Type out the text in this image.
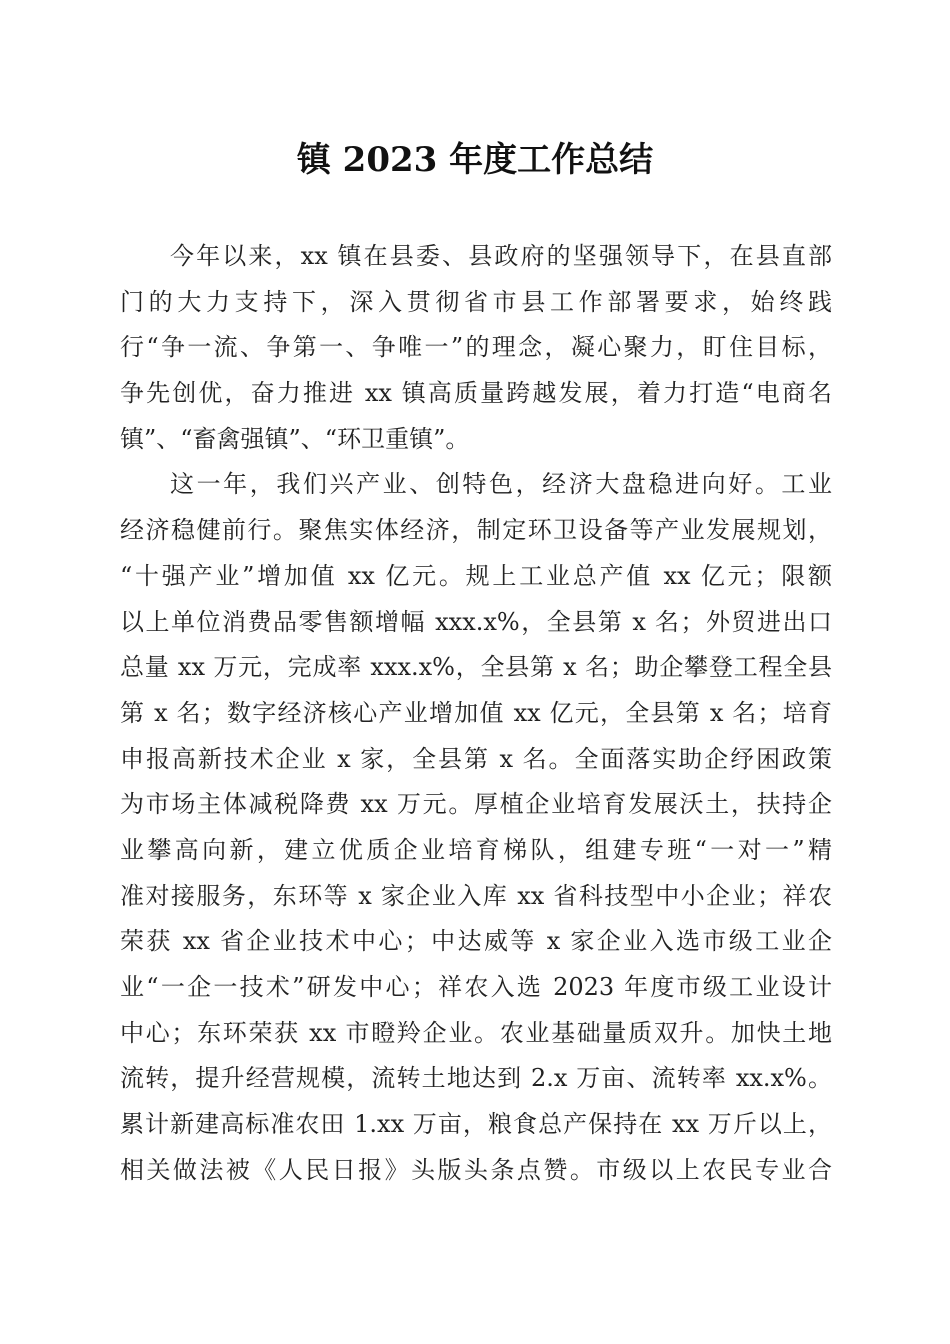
镇 2023 年度工作总结
今年以来，xx 镇在县委、县政府的坚强领导下，在县直部
门的大力支持下，深入贯彻省市县工作部署要求，始终践
行“争一流、争第一、争唯一”的理念，凝心聚力，盯住目标，
争先创优，奋力推进 xx 镇高质量跨越发展，着力打造“电商名
镇”、“畜禽强镇”、“环卫重镇”。
这一年，我们兴产业、创特色，经济大盘稳进向好。工业
经济稳健前行。聚焦实体经济，制定环卫设备等产业发展规划，
“十强产业”增加值 xx 亿元。规上工业总产值 xx 亿元；限额
以上单位消费品零售额增幅 xxx.x%，全县第 x 名；外贸进出口
总量 xx 万元，完成率 xxx.x%，全县第 x 名；助企攀登工程全县
第 x 名；数字经济核心产业增加值 xx 亿元，全县第 x 名；培育
申报高新技术企业 x 家，全县第 x 名。全面落实助企纾困政策
为市场主体减税降费 xx 万元。厚植企业培育发展沃土，扶持企
业攀高向新，建立优质企业培育梯队，组建专班“一对一”精
准对接服务，东环等 x 家企业入库 xx 省科技型中小企业；祥农
荣获 xx 省企业技术中心；中达威等 x 家企业入选市级工业企
业“一企一技术”研发中心；祥农入选 2023 年度市级工业设计
中心；东环荣获 xx 市瞪羚企业。农业基础量质双升。加快土地
流转，提升经营规模，流转土地达到 2.x 万亩、流转率 xx.x%。
累计新建高标准农田 1.xx 万亩，粮食总产保持在 xx 万斤以上，
相关做法被《人民日报》头版头条点赞。市级以上农民专业合
